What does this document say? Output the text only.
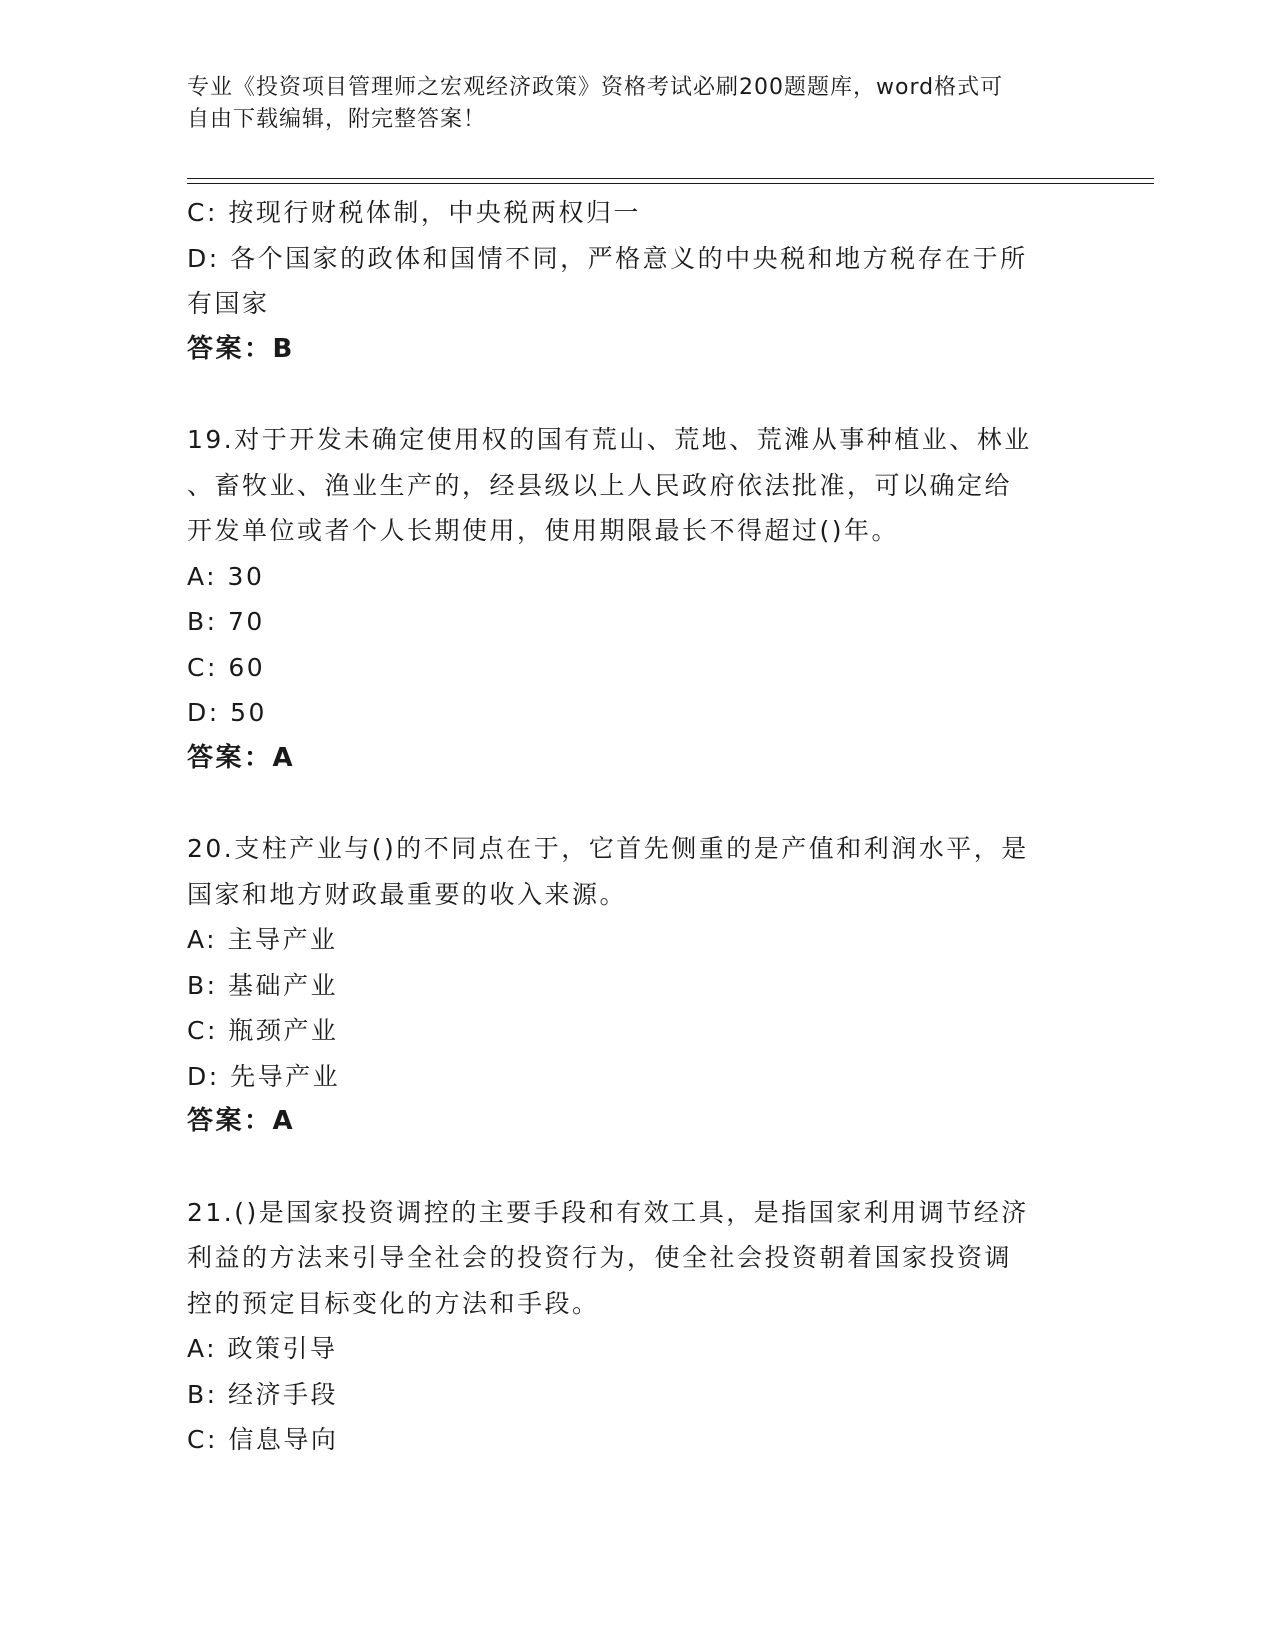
专业《投资项目管理师之宏观经济政策》资格考试必刷200题题库，word格式可
自由下载编辑，附完整答案！

C: 按现行财税体制，中央税两权归一

D: 各个国家的政体和国情不同，严格意义的中央税和地方税存在于所

有国家

答案：B

19.对于开发未确定使用权的国有荒山、荒地、荒滩从事种植业、林业

、畜牧业、渔业生产的，经县级以上人民政府依法批准，可以确定给

开发单位或者个人长期使用，使用期限最长不得超过()年。

A: 30

B: 70

C: 60

D: 50

答案：A

20.支柱产业与()的不同点在于，它首先侧重的是产值和利润水平，是

国家和地方财政最重要的收入来源。

A: 主导产业

B: 基础产业

C: 瓶颈产业

D: 先导产业

答案：A

21.()是国家投资调控的主要手段和有效工具，是指国家利用调节经济

利益的方法来引导全社会的投资行为，使全社会投资朝着国家投资调

控的预定目标变化的方法和手段。

A: 政策引导

B: 经济手段

C: 信息导向
